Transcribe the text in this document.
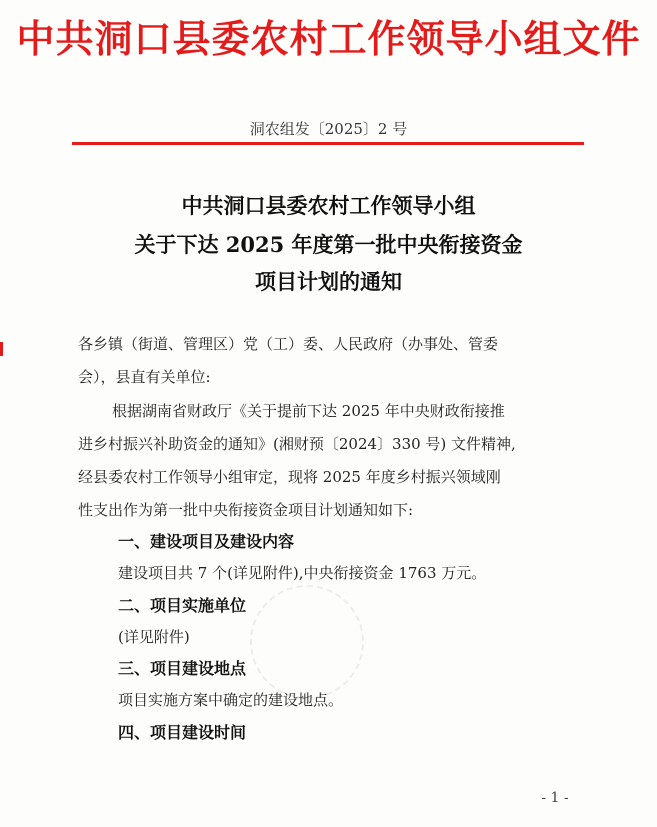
中共洞口县委农村工作领导小组文件
洞农组发〔2025〕2 号
中共洞口县委农村工作领导小组
关于下达 2025 年度第一批中央衔接资金
项目计划的通知
各乡镇（街道、管理区）党（工）委、人民政府（办事处、管委
会），县直有关单位:
根据湖南省财政厅《关于提前下达 2025 年中央财政衔接推
进乡村振兴补助资金的通知》(湘财预〔2024〕330 号) 文件精神,
经县委农村工作领导小组审定，现将 2025 年度乡村振兴领域刚
性支出作为第一批中央衔接资金项目计划通知如下:
一、建设项目及建设内容
建设项目共 7 个(详见附件),中央衔接资金 1763 万元。
二、项目实施单位
(详见附件)
三、项目建设地点
项目实施方案中确定的建设地点。
四、项目建设时间
- 1 -
